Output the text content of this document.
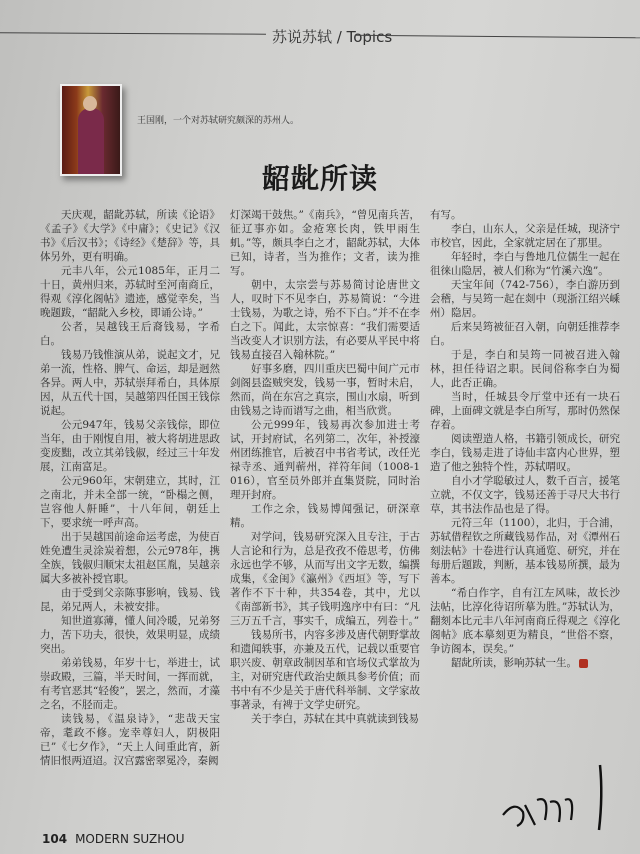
苏说苏轼 / Topics
王国刚，一个对苏轼研究颇深的苏州人。
龆龀所读

天庆观，龆龀苏轼，所读《论语》《孟子》《大学》《中庸》；《史记》《汉书》《后汉书》；《诗经》《楚辞》等，具体另外，更有明确。

元丰八年，公元1085年，正月二十日，黄州归来，苏轼时至河南商丘，得观《淳化阁帖》遗迹，感觉幸矣，当晚题跋，“龆龀入乡校，即诵公诗。”

公者，吴越钱王后裔钱易，字希白。

钱易乃钱惟演从弟，说起文才，兄弟一流，性格、脾气、命运，却是迥然各异。两人中，苏轼崇拜希白，具体原因，从五代十国，吴越第四任国王钱倧说起。

公元947年，钱易父亲钱倧，即位当年，由于刚愎自用，被大将胡进思政变废黜，改立其弟钱俶，经过三十年发展，江南富足。

公元960年，宋朝建立，其时，江之南北，并未全部一统，“卧榻之侧，岂容他人鼾睡”，十八年间，朝廷上下，要求统一呼声高。

出于吴越国前途命运考虑，为使百姓免遭生灵涂炭着想，公元978年，携全族，钱俶归顺宋太祖赵匡胤，吴越亲属大多被补授官职。

由于受到父亲陈事影响，钱易、钱昆，弟兄两人，未被安排。

知世道寡薄，懂人间冷暖，兄弟努力，苦下功夫，很快，效果明显，成绩突出。

弟弟钱易，年岁十七，举进士，试崇政殿，三篇，半天时间，一挥而就，有考官恶其“轻俊”，罢之，然而，才藻之名，不胫而走。

读钱易，《温泉诗》，“悲哉天宝帝，耄政不修。宠幸尊妇人，阴极阳已”《七夕作》，“天上人间重此宵，新情旧恨两迢迢。汉宫露密翠冕冷，秦阙

灯深竭干鼓焦。”《南兵》，“曾见南兵苦，征辽事亦如。金疮寒长肉，铁甲雨生虮。”等，颇具李白之才，龆龀苏轼，大体已知，诗者，当为推作；文者，读为推写。

朝中，太宗尝与苏易简讨论唐世文人，叹时下不见李白，苏易简说：“今进士钱易，为歌之诗，殆不下白。”并不在李白之下。闻此，太宗惊喜：“我们需要适当改变人才识别方法，有必要从平民中将钱易直接召入翰林院。”

好事多磨，四川重庆巴蜀中间广元市剑阁县盗贼突发，钱易一事，暂时未启，然而，尚在东宫之真宗，围山水扇，听到由钱易之诗而谱写之曲，相当欣赏。

公元999年，钱易再次参加进士考试，开封府试，名列第二，次年，补授濠州团练推官，后被召中书省考试，改任光禄寺丞、通判蕲州，祥符年间（1008-1016），官至员外郎并直集贤院，同时治理开封府。

工作之余，钱易博闻强记，研深章精。

对学问，钱易研究深入且专注，于古人言论和行为，总是孜孜不倦思考，仿佛永远也学不够，从而写出文字无数，编撰成集，《金闺》《瀛州》《西垣》等，写下著作不下十种，共354卷，其中，尤以《南部新书》，其子钱明逸序中有曰：“凡三万五千言，事实千，成编五，列卷十。”

钱易所书，内容多涉及唐代朝野掌故和遗闻轶事，亦兼及五代，记载以重要官职兴废、朝章政制因革和官场仪式掌故为主，对研究唐代政治史颇具参考价值；而书中有不少是关于唐代科举制、文学家故事著录，有裨于文学史研究。

关于李白，苏轼在其中真就读到钱易

有写。

李白，山东人，父亲是任城，现济宁市校官，因此，全家就定居在了那里。

年轻时，李白与鲁地几位儒生一起在徂徕山隐居，被人们称为“竹溪六逸”。

天宝年间（742-756），李白游历到会稽，与吴筠一起在剡中（现浙江绍兴嵊州）隐居。

后来吴筠被征召入朝，向朝廷推荐李白。

于是，李白和吴筠一同被召进入翰林，担任待诏之职。民间俗称李白为蜀人，此否正确。

当时，任城县令厅堂中还有一块石碑，上面碑文就是李白所写，那时仍然保存着。

阅读塑造人格，书籍引领成长，研究李白，钱易走进了诗仙丰富内心世界，塑造了他之独特个性，苏轼喟叹。

自小才学聪敏过人，数千百言，援笔立就，不仅文字，钱易还善于寻尺大书行草，其书法作品也是了得。

元符三年（1100），北归，于合浦，苏轼借程钦之所藏钱易作品，对《潭州石刻法帖》十卷进行认真通览、研究，并在每册后题跋，判断，基本钱易所撰，最为善本。

“希白作字，自有江左风味，故长沙法帖，比淳化待诏所摹为胜。”苏轼认为，翻刻本比元丰八年河南商丘得观之《淳化阁帖》底本摹刻更为精良，“世俗不察，争访阁本，误矣。”

龆龀所读，影响苏轼一生。

104 MODERN SUZHOU
